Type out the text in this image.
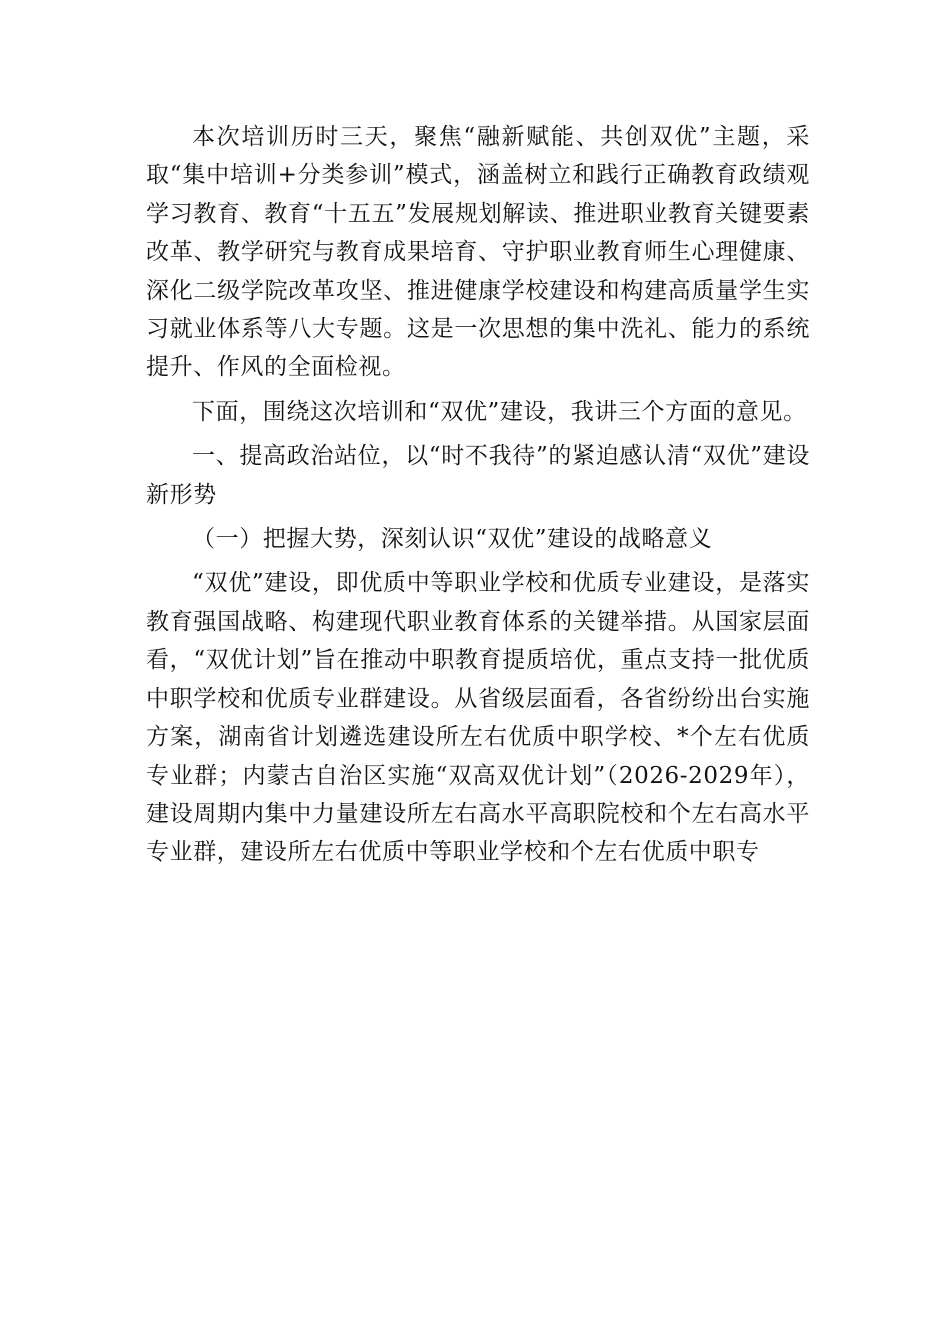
本次培训历时三天，聚焦“融新赋能、共创双优”主题，采取“集中培训+分类参训”模式，涵盖树立和践行正确教育政绩观学习教育、教育“十五五”发展规划解读、推进职业教育关键要素改革、教学研究与教育成果培育、守护职业教育师生心理健康、深化二级学院改革攻坚、推进健康学校建设和构建高质量学生实习就业体系等八大专题。这是一次思想的集中洗礼、能力的系统提升、作风的全面检视。

下面，围绕这次培训和“双优”建设，我讲三个方面的意见。

一、提高政治站位，以“时不我待”的紧迫感认清“双优”建设新形势

（一）把握大势，深刻认识“双优”建设的战略意义

“双优”建设，即优质中等职业学校和优质专业建设，是落实教育强国战略、构建现代职业教育体系的关键举措。从国家层面看，“双优计划”旨在推动中职教育提质培优，重点支持一批优质中职学校和优质专业群建设。从省级层面看，各省纷纷出台实施方案，湖南省计划遴选建设所左右优质中职学校、*个左右优质专业群；内蒙古自治区实施“双高双优计划”（2026-2029年），建设周期内集中力量建设所左右高水平高职院校和个左右高水平专业群，建设所左右优质中等职业学校和个左右优质中职专
